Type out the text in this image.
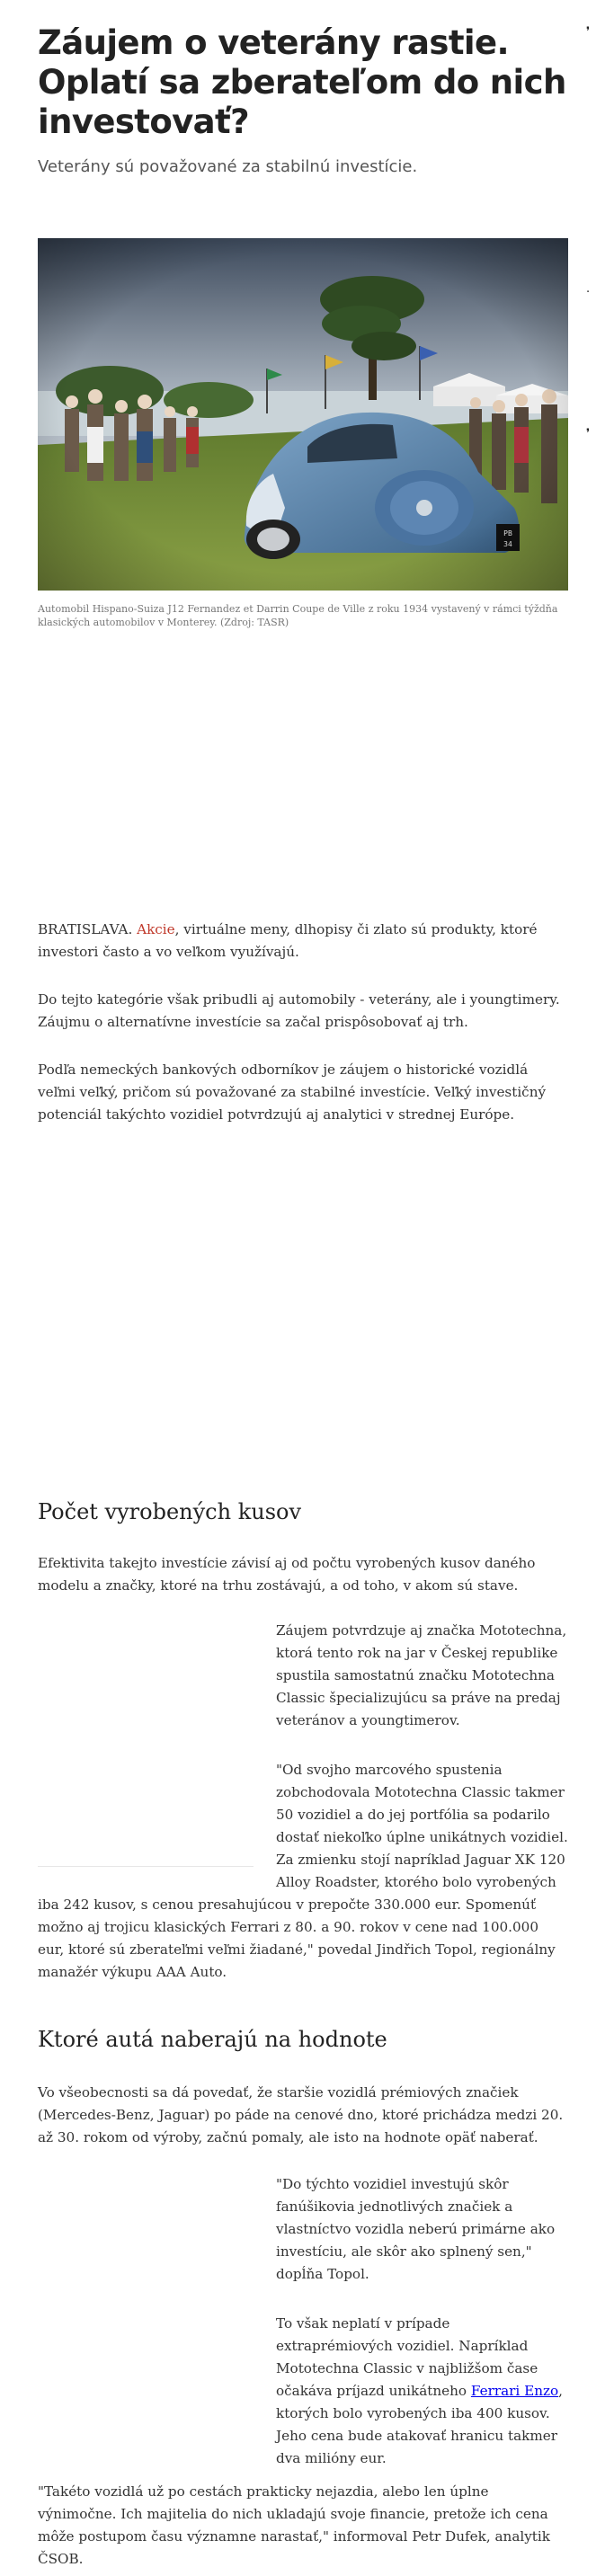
❜
·
❜
Záujem o veterány rastie. Oplatí sa zberateľom do nich investovať?

Veterány sú považované za stabilnú investície.

Automobil Hispano-Suiza J12 Fernandez et Darrin Coupe de Ville z roku 1934 vystavený v rámci týždňa klasických automobilov v Monterey. (Zdroj: TASR)

BRATISLAVA. Akcie, virtuálne meny, dlhopisy či zlato sú produkty, ktoré investori často a vo veľkom využívajú.

Do tejto kategórie však pribudli aj automobily - veterány, ale i youngtimery. Záujmu o alternatívne investície sa začal prispôsobovať aj trh.

Podľa nemeckých bankových odborníkov je záujem o historické vozidlá veľmi veľký, pričom sú považované za stabilné investície. Veľký investičný potenciál takýchto vozidiel potvrdzujú aj analytici v strednej Európe.

Počet vyrobených kusov

Efektivita takejto investície závisí aj od počtu vyrobených kusov daného modelu a značky, ktoré na trhu zostávajú, a od toho, v akom sú stave.

Záujem potvrdzuje aj značka Mototechna, ktorá tento rok na jar v Českej republike spustila samostatnú značku Mototechna Classic špecializujúcu sa práve na predaj veteránov a youngtimerov.

"Od svojho marcového spustenia zobchodovala Mototechna Classic takmer 50 vozidiel a do jej portfólia sa podarilo dostať niekoľko úplne unikátnych vozidiel. Za zmienku stojí napríklad Jaguar XK 120 Alloy Roadster, ktorého bolo vyrobených

iba 242 kusov, s cenou presahujúcou v prepočte 330.000 eur. Spomenúť možno aj trojicu klasických Ferrari z 80. a 90. rokov v cene nad 100.000 eur, ktoré sú zberateľmi veľmi žiadané," povedal Jindřich Topol, regionálny manažér výkupu AAA Auto.

Ktoré autá naberajú na hodnote

Vo všeobecnosti sa dá povedať, že staršie vozidlá prémiových značiek (Mercedes-Benz, Jaguar) po páde na cenové dno, ktoré prichádza medzi 20. až 30. rokom od výroby, začnú pomaly, ale isto na hodnote opäť naberať.

"Do týchto vozidiel investujú skôr fanúšikovia jednotlivých značiek a vlastníctvo vozidla neberú primárne ako investíciu, ale skôr ako splnený sen," dopĺňa Topol.

To však neplatí v prípade extraprémiových vozidiel. Napríklad Mototechna Classic v najbližšom čase očakáva príjazd unikátneho Ferrari Enzo, ktorých bolo vyrobených iba 400 kusov. Jeho cena bude atakovať hranicu takmer dva milióny eur.

"Takéto vozidlá už po cestách prakticky nejazdia, alebo len úplne výnimočne. Ich majitelia do nich ukladajú svoje financie, pretože ich cena môže postupom času významne narastať," informoval Petr Dufek, analytik ČSOB.
